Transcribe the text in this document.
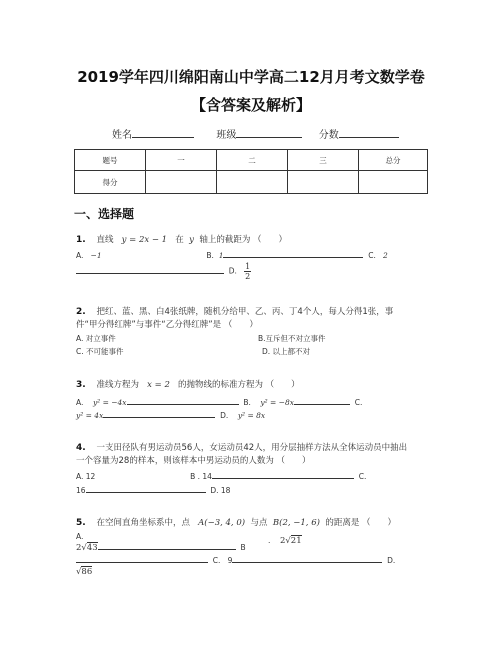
2019学年四川绵阳南山中学高二12月月考文数学卷
【含答案及解析】
姓名	班级	分数
题号	一	二	三	总分
得分				
一、选择题
1. 直线 y = 2x − 1 在 y 轴上的截距为 （　　）
A. −1	B. 1	C. 2
D. $\frac{1}{2}$
2. 把红、蓝、黑、白4张纸牌，随机分给甲、乙、丙、丁4个人，每人分得1张，事
件“甲分得红牌”与事件“乙分得红牌”是 （　　）
A. 对立事件	B.互斥但不对立事件
C. 不可能事件	D. 以上都不对
3. 准线方程为 x = 2 的抛物线的标准方程为 （　　）
A. y² = −4x	B. y² = −8x	C.
y² = 4x	D. y² = 8x
4. 一支田径队有男运动员56人，女运动员42人，用分层抽样方法从全体运动员中抽出
一个容量为28的样本，则该样本中男运动员的人数为 （　　）
A. 12	B . 14	C.
16	D. 18
5. 在空间直角坐标系中，点 A(−3, 4, 0) 与点 B(2, −1, 6) 的距离是 （　　）
A.

2√43	B
. 2√21
C. 9	D.
√86
